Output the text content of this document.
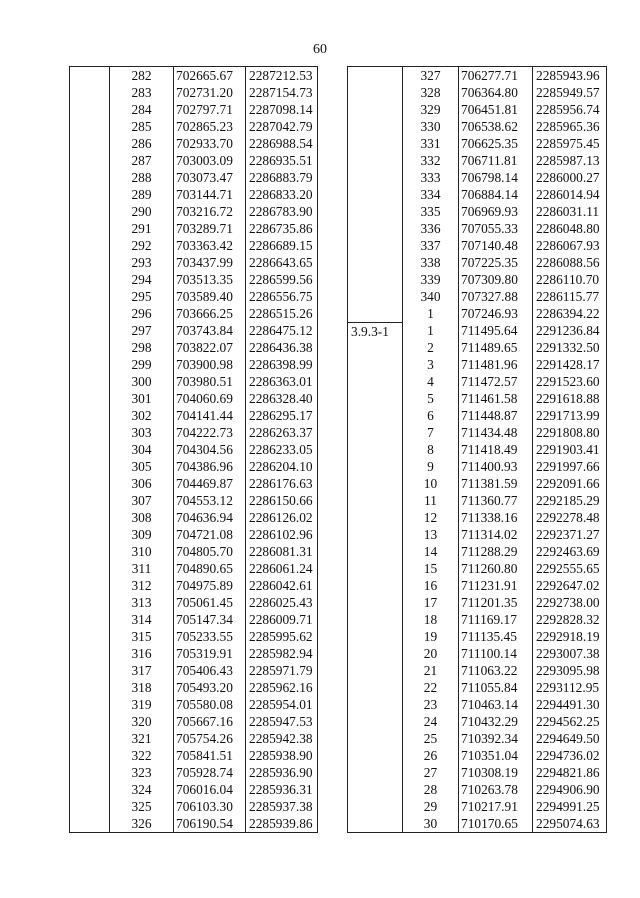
60
	282	702665.67	2287212.53
	283	702731.20	2287154.73
	284	702797.71	2287098.14
	285	702865.23	2287042.79
	286	702933.70	2286988.54
	287	703003.09	2286935.51
	288	703073.47	2286883.79
	289	703144.71	2286833.20
	290	703216.72	2286783.90
	291	703289.71	2286735.86
	292	703363.42	2286689.15
	293	703437.99	2286643.65
	294	703513.35	2286599.56
	295	703589.40	2286556.75
	296	703666.25	2286515.26
	297	703743.84	2286475.12
	298	703822.07	2286436.38
	299	703900.98	2286398.99
	300	703980.51	2286363.01
	301	704060.69	2286328.40
	302	704141.44	2286295.17
	303	704222.73	2286263.37
	304	704304.56	2286233.05
	305	704386.96	2286204.10
	306	704469.87	2286176.63
	307	704553.12	2286150.66
	308	704636.94	2286126.02
	309	704721.08	2286102.96
	310	704805.70	2286081.31
	311	704890.65	2286061.24
	312	704975.89	2286042.61
	313	705061.45	2286025.43
	314	705147.34	2286009.71
	315	705233.55	2285995.62
	316	705319.91	2285982.94
	317	705406.43	2285971.79
	318	705493.20	2285962.16
	319	705580.08	2285954.01
	320	705667.16	2285947.53
	321	705754.26	2285942.38
	322	705841.51	2285938.90
	323	705928.74	2285936.90
	324	706016.04	2285936.31
	325	706103.30	2285937.38
	326	706190.54	2285939.86
	327	706277.71	2285943.96
	328	706364.80	2285949.57
	329	706451.81	2285956.74
	330	706538.62	2285965.36
	331	706625.35	2285975.45
	332	706711.81	2285987.13
	333	706798.14	2286000.27
	334	706884.14	2286014.94
	335	706969.93	2286031.11
	336	707055.33	2286048.80
	337	707140.48	2286067.93
	338	707225.35	2286088.56
	339	707309.80	2286110.70
	340	707327.88	2286115.77
	1	707246.93	2286394.22
3.9.3-1	1	711495.64	2291236.84
	2	711489.65	2291332.50
	3	711481.96	2291428.17
	4	711472.57	2291523.60
	5	711461.58	2291618.88
	6	711448.87	2291713.99
	7	711434.48	2291808.80
	8	711418.49	2291903.41
	9	711400.93	2291997.66
	10	711381.59	2292091.66
	11	711360.77	2292185.29
	12	711338.16	2292278.48
	13	711314.02	2292371.27
	14	711288.29	2292463.69
	15	711260.80	2292555.65
	16	711231.91	2292647.02
	17	711201.35	2292738.00
	18	711169.17	2292828.32
	19	711135.45	2292918.19
	20	711100.14	2293007.38
	21	711063.22	2293095.98
	22	711055.84	2293112.95
	23	710463.14	2294491.30
	24	710432.29	2294562.25
	25	710392.34	2294649.50
	26	710351.04	2294736.02
	27	710308.19	2294821.86
	28	710263.78	2294906.90
	29	710217.91	2294991.25
	30	710170.65	2295074.63
